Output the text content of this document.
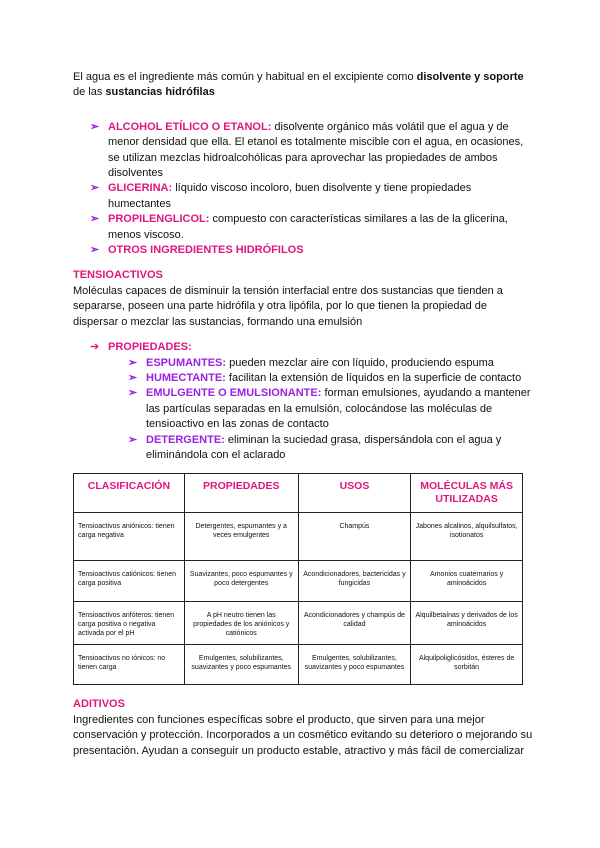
El agua es el ingrediente más común y habitual en el excipiente como disolvente y soporte de las sustancias hidrófilas

➢ ALCOHOL ETÍLICO O ETANOL: disolvente orgánico más volátil que el agua y de menor densidad que ella. El etanol es totalmente miscible con el agua, en ocasiones, se utilizan mezclas hidroalcohólicas para aprovechar las propiedades de ambos disolventes
➢ GLICERINA: líquido viscoso incoloro, buen disolvente y tiene propiedades humectantes
➢ PROPILENGLICOL: compuesto con características similares a las de la glicerina, menos viscoso.
➢ OTROS INGREDIENTES HIDRÓFILOS

TENSIOACTIVOS

Moléculas capaces de disminuir la tensión interfacial entre dos sustancias que tienden a separarse, poseen una parte hidrófila y otra lipófila, por lo que tienen la propiedad de dispersar o mezclar las sustancias, formando una emulsión

➔ PROPIEDADES:
➢ ESPUMANTES: pueden mezclar aire con líquido, produciendo espuma
➢ HUMECTANTE: facilitan la extensión de líquidos en la superficie de contacto
➢ EMULGENTE O EMULSIONANTE: forman emulsiones, ayudando a mantener las partículas separadas en la emulsión, colocándose las moléculas de tensioactivo en las zonas de contacto
➢ DETERGENTE: eliminan la suciedad grasa, dispersándola con el agua y eliminándola con el aclarado
CLASIFICACIÓN	PROPIEDADES	USOS	MOLÉCULAS MÁS UTILIZADAS
Tensioactivos aniónicos: tienen carga negativa	Detergentes, espumantes y a veces emulgentes	Champús	Jabones alcalinos, alquilsulfatos, isotionatos
Tensioactivos catiónicos: tienen carga positiva	Suavizantes, poco espumantes y poco detergentes	Acondicionadores, bactericidas y fungicidas	Amonios cuaternarios y aminoácidos
Tensioactivos anfóteros: tienen carga positiva o negativa activada por el pH	A pH neutro tienen las propiedades de los aniónicos y catiónicos	Acondicionadores y champús de calidad	Alquilbetaínas y derivados de los aminoácidos
Tensioactivos no iónicos: no tienen carga	Emulgentes, solubilizantes, suavizantes y poco espumantes	Emulgentes, solubilizantes, suavizantes y poco espumantes	Alquilpoliglicósidos, ésteres de sorbitán

ADITIVOS

Ingredientes con funciones específicas sobre el producto, que sirven para una mejor conservación y protección. Incorporados a un cosmético evitando su deterioro o mejorando su presentación. Ayudan a conseguir un producto estable, atractivo y más fácil de comercializar
